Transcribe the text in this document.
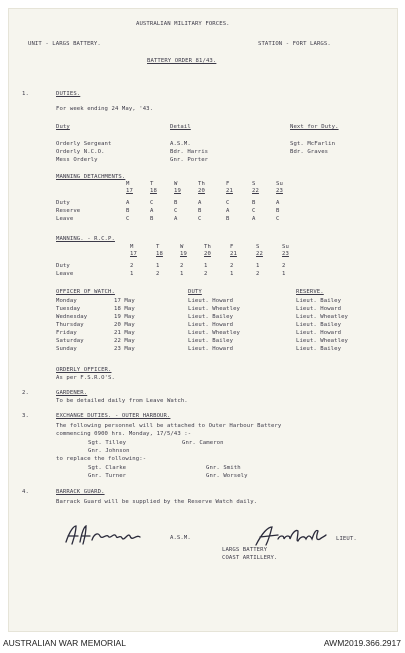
AUSTRALIAN MILITARY FORCES.
UNIT - LARGS BATTERY.	STATION - FORT LARGS.
BATTERY ORDER 81/43.
1.	DUTIES.
For week ending 24 May, '43.
Duty	Detail	Next for Duty.
Orderly Sergeant	A.S.M.	Sgt. McFarlin
Orderly N.C.O.	Bdr. Harris	Bdr. Graves
Mess Orderly	Gnr. Porter
MANNING DETACHMENTS.
M	T	W	Th	F	S	Su
17	18	19	20	21	22	23
Duty	A	C	B	A	C	B	A
Reserve	B	A	C	B	A	C	B
Leave	C	B	A	C	B	A	C
MANNING. - R.C.P.
M	T	W	Th	F	S	Su
17	18	19	20	21	22	23
Duty	2	1	2	1	2	1	2
Leave	1	2	1	2	1	2	1
OFFICER OF WATCH.	DUTY	RESERVE.
Monday	17 May	Lieut. Howard	Lieut. Bailey
Tuesday	18 May	Lieut. Wheatley	Lieut. Howard
Wednesday	19 May	Lieut. Bailey	Lieut. Wheatley
Thursday	20 May	Lieut. Howard	Lieut. Bailey
Friday	21 May	Lieut. Wheatley	Lieut. Howard
Saturday	22 May	Lieut. Bailey	Lieut. Wheatley
Sunday	23 May	Lieut. Howard	Lieut. Bailey
ORDERLY OFFICER.
As per F.S.R.O'S.
2.	GARDENER.
To be detailed daily from Leave Watch.
3.	EXCHANGE DUTIES. - OUTER HARBOUR.
The following personnel will be attached to Outer Harbour Battery
commencing 0900 hrs. Monday, 17/5/43 :-
Sgt. Tilley	Gnr. Cameron
Gnr. Johnson
to replace the following:-
Sgt. Clarke	Gnr. Smith
Gnr. Turner	Gnr. Worsely
4.	BARRACK GUARD.
Barrack Guard will be supplied by the Reserve Watch daily.
A.S.M.	LIEUT.
LARGS BATTERY
COAST ARTILLERY.
AUSTRALIAN WAR MEMORIAL	AWM2019.366.2917
